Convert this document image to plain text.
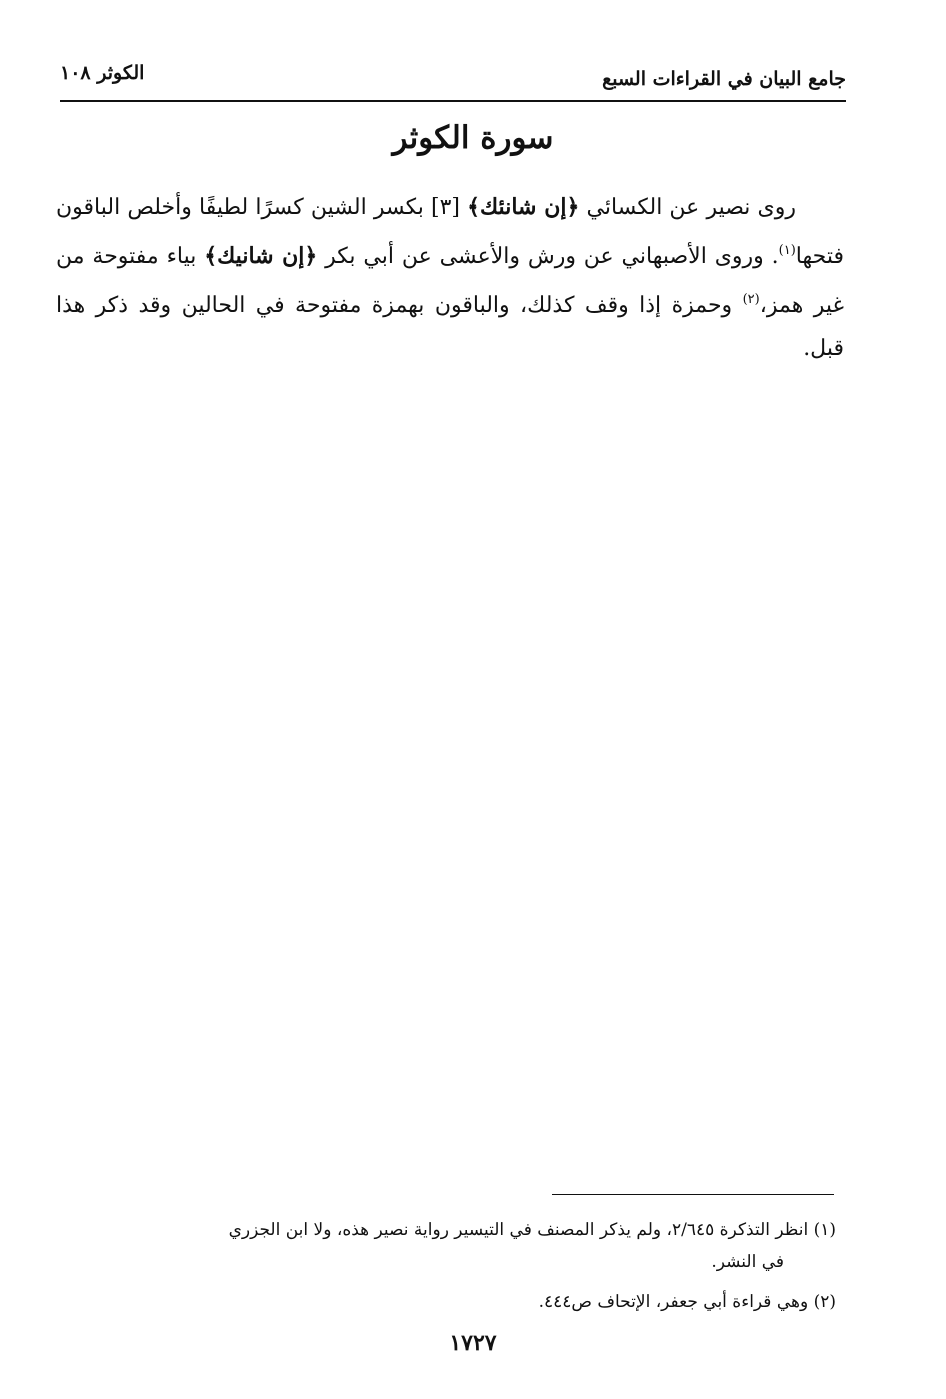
جامع البيان في القراءات السبع
الكوثر ١٠٨
سورة الكوثر

روى نصير عن الكسائي ﴿إن شانئك﴾ [٣] بكسر الشين كسرًا لطيفًا وأخلص الباقون فتحها$^{(١)}$. وروى الأصبهاني عن ورش والأعشى عن أبي بكر ﴿إن شانيك﴾ بياء مفتوحة من غير همز،$^{(٢)}$ وحمزة إذا وقف كذلك، والباقون بهمزة مفتوحة في الحالين وقد ذكر هذا قبل.

(١) انظر التذكرة ٢/٦٤٥، ولم يذكر المصنف في التيسير رواية نصير هذه، ولا ابن الجزري
في النشر.

(٢) وهي قراءة أبي جعفر، الإتحاف ص٤٤٤.

١٧٢٧
